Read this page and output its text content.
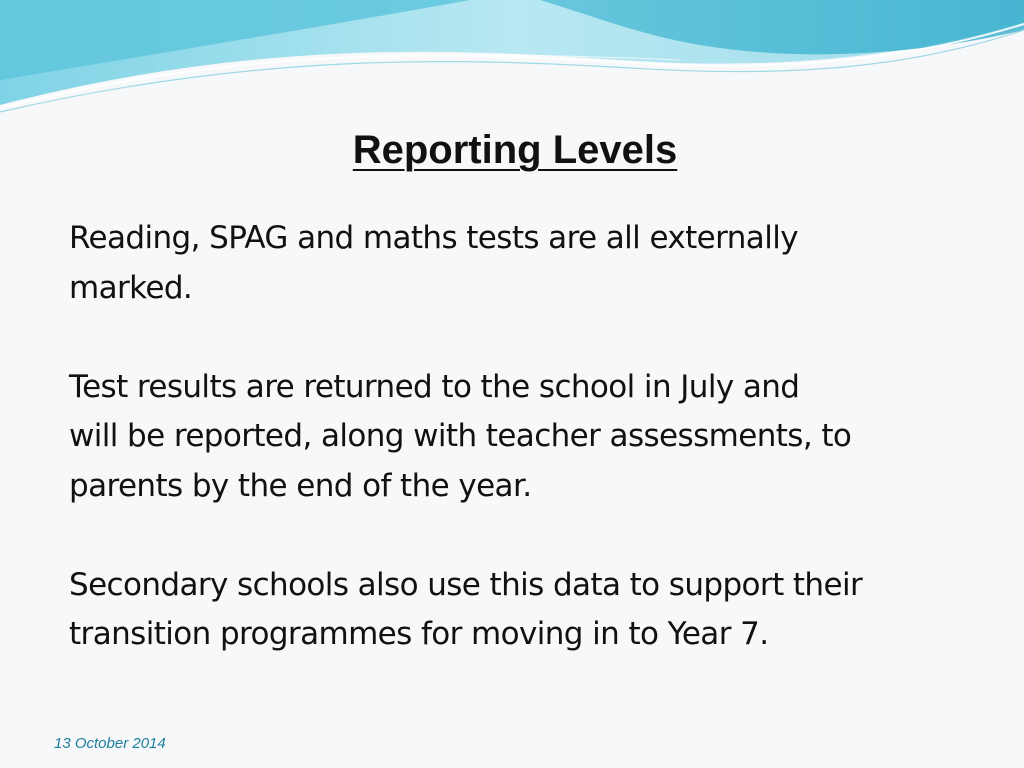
Reporting Levels

Reading, SPAG and maths tests are all externally
marked.

Test results are returned to the school in July and
will be reported, along with teacher assessments, to
parents by the end of the year.

Secondary schools also use this data to support their
transition programmes for moving in to Year 7.

13 October 2014
